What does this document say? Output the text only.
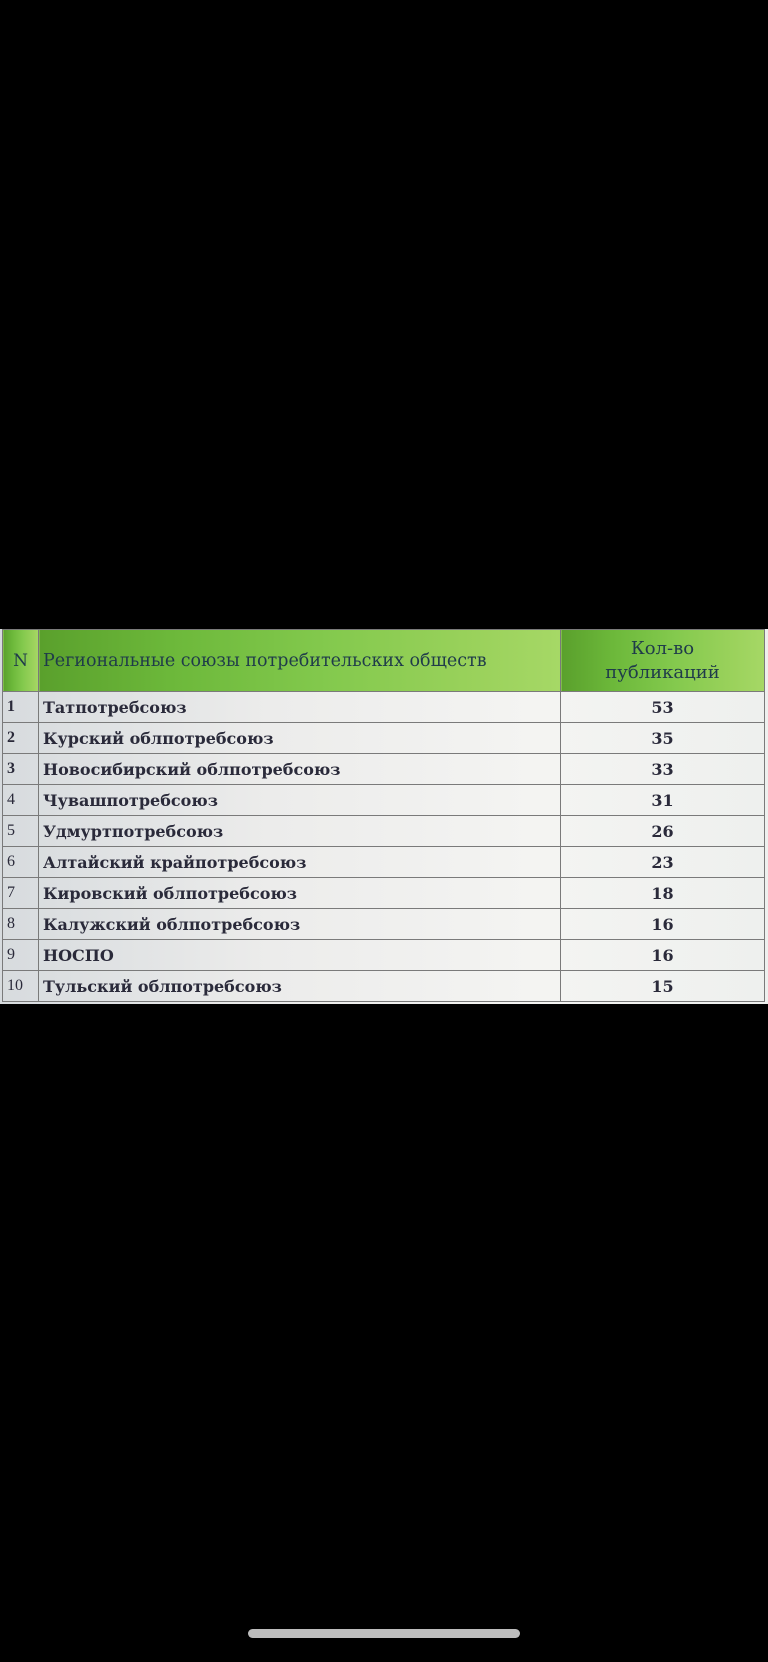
N	Региональные союзы потребительских обществ	Кол-во
публикаций
1	Татпотребсоюз	53
2	Курский облпотребсоюз	35
3	Новосибирский облпотребсоюз	33
4	Чувашпотребсоюз	31
5	Удмуртпотребсоюз	26
6	Алтайский крайпотребсоюз	23
7	Кировский облпотребсоюз	18
8	Калужский облпотребсоюз	16
9	НОСПО	16
10	Тульский облпотребсоюз	15
